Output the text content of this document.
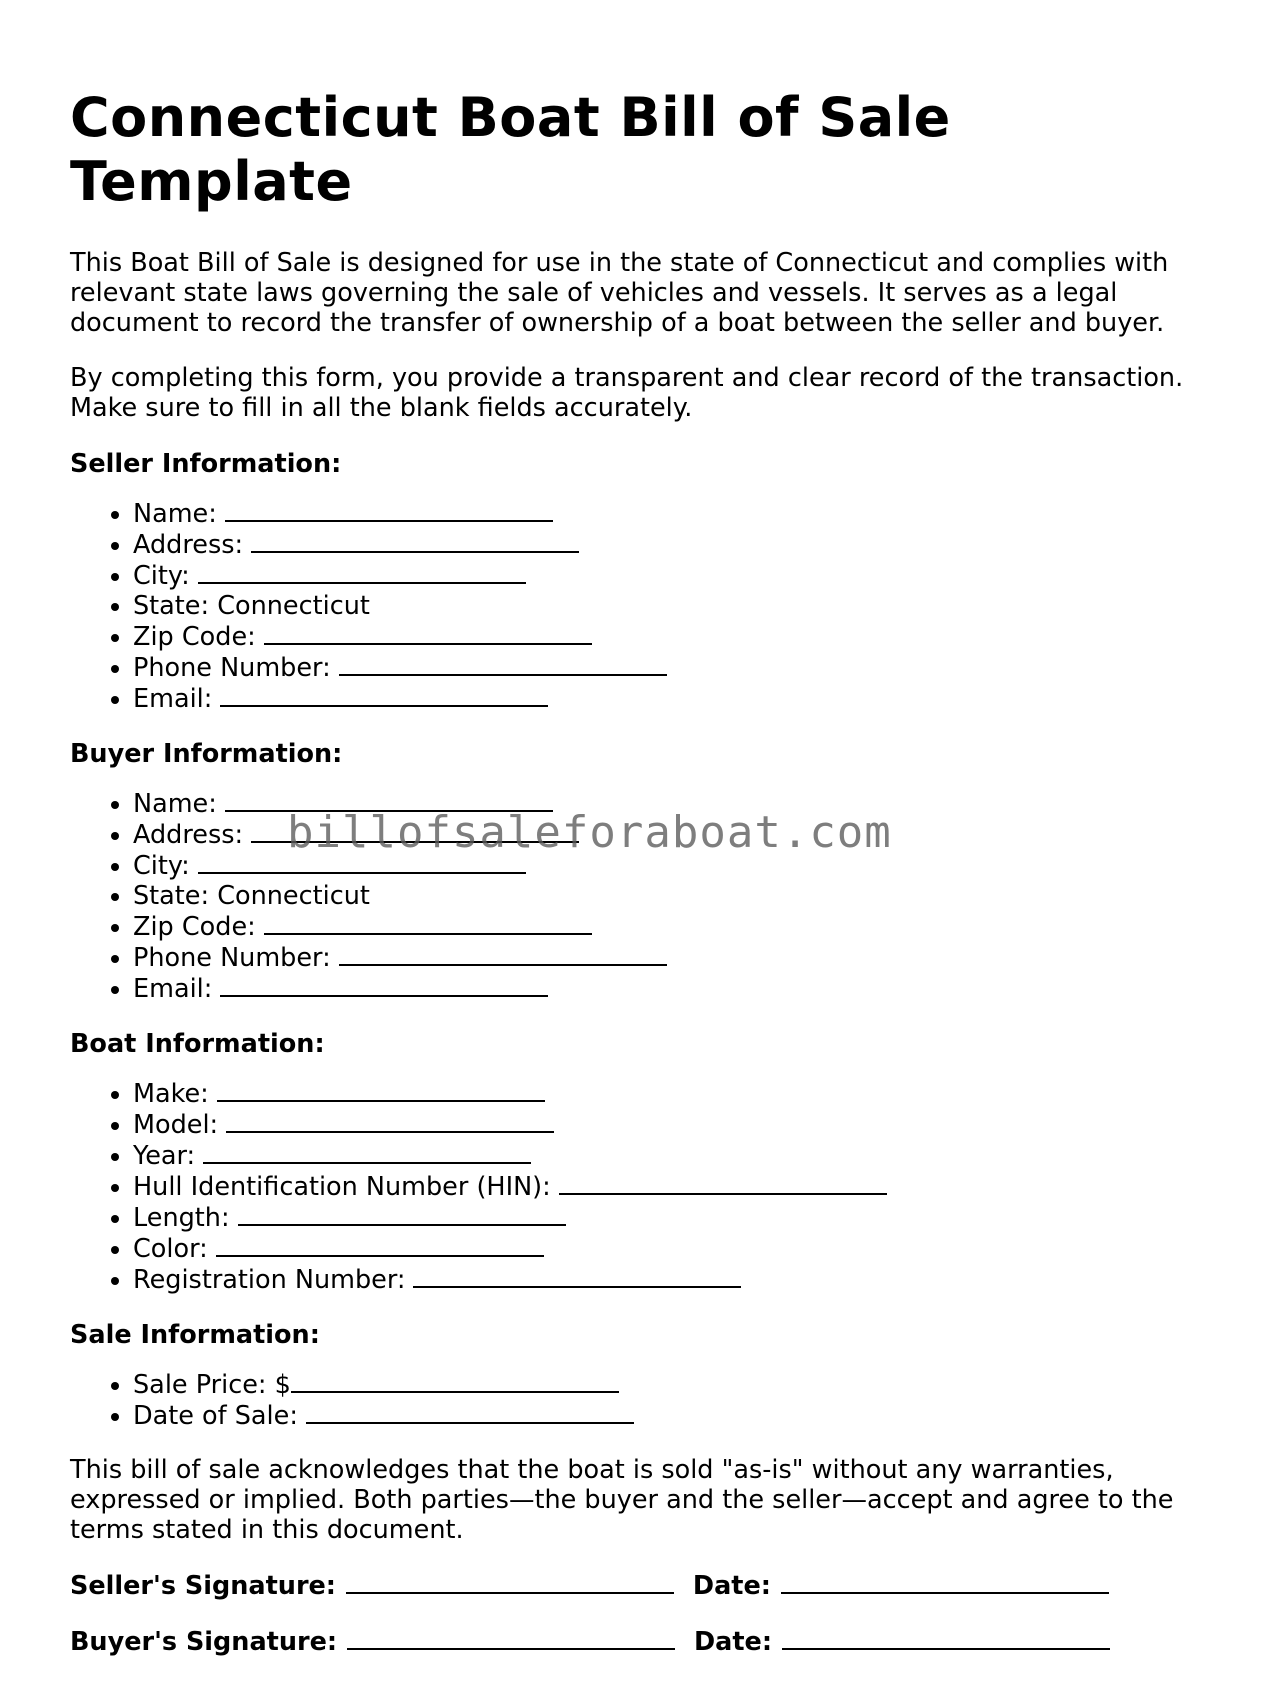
Connecticut Boat Bill of Sale Template

This Boat Bill of Sale is designed for use in the state of Connecticut and complies with relevant state laws governing the sale of vehicles and vessels. It serves as a legal document to record the transfer of ownership of a boat between the seller and buyer.

By completing this form, you provide a transparent and clear record of the transaction. Make sure to fill in all the blank fields accurately.

Seller Information:
• Name:
• Address:
• City:
• State: Connecticut
• Zip Code:
• Phone Number:
• Email:
Buyer Information:
• Name:
• Address:
• City:
• State: Connecticut
• Zip Code:
• Phone Number:
• Email:
Boat Information:
• Make:
• Model:
• Year:
• Hull Identification Number (HIN):
• Length:
• Color:
• Registration Number:
Sale Information:
• Sale Price: $
• Date of Sale:

This bill of sale acknowledges that the boat is sold "as-is" without any warranties, expressed or implied. Both parties—the buyer and the seller—accept and agree to the terms stated in this document.

Seller's Signature:	Date:
Buyer's Signature:	Date:
billofsaleforaboat.com
